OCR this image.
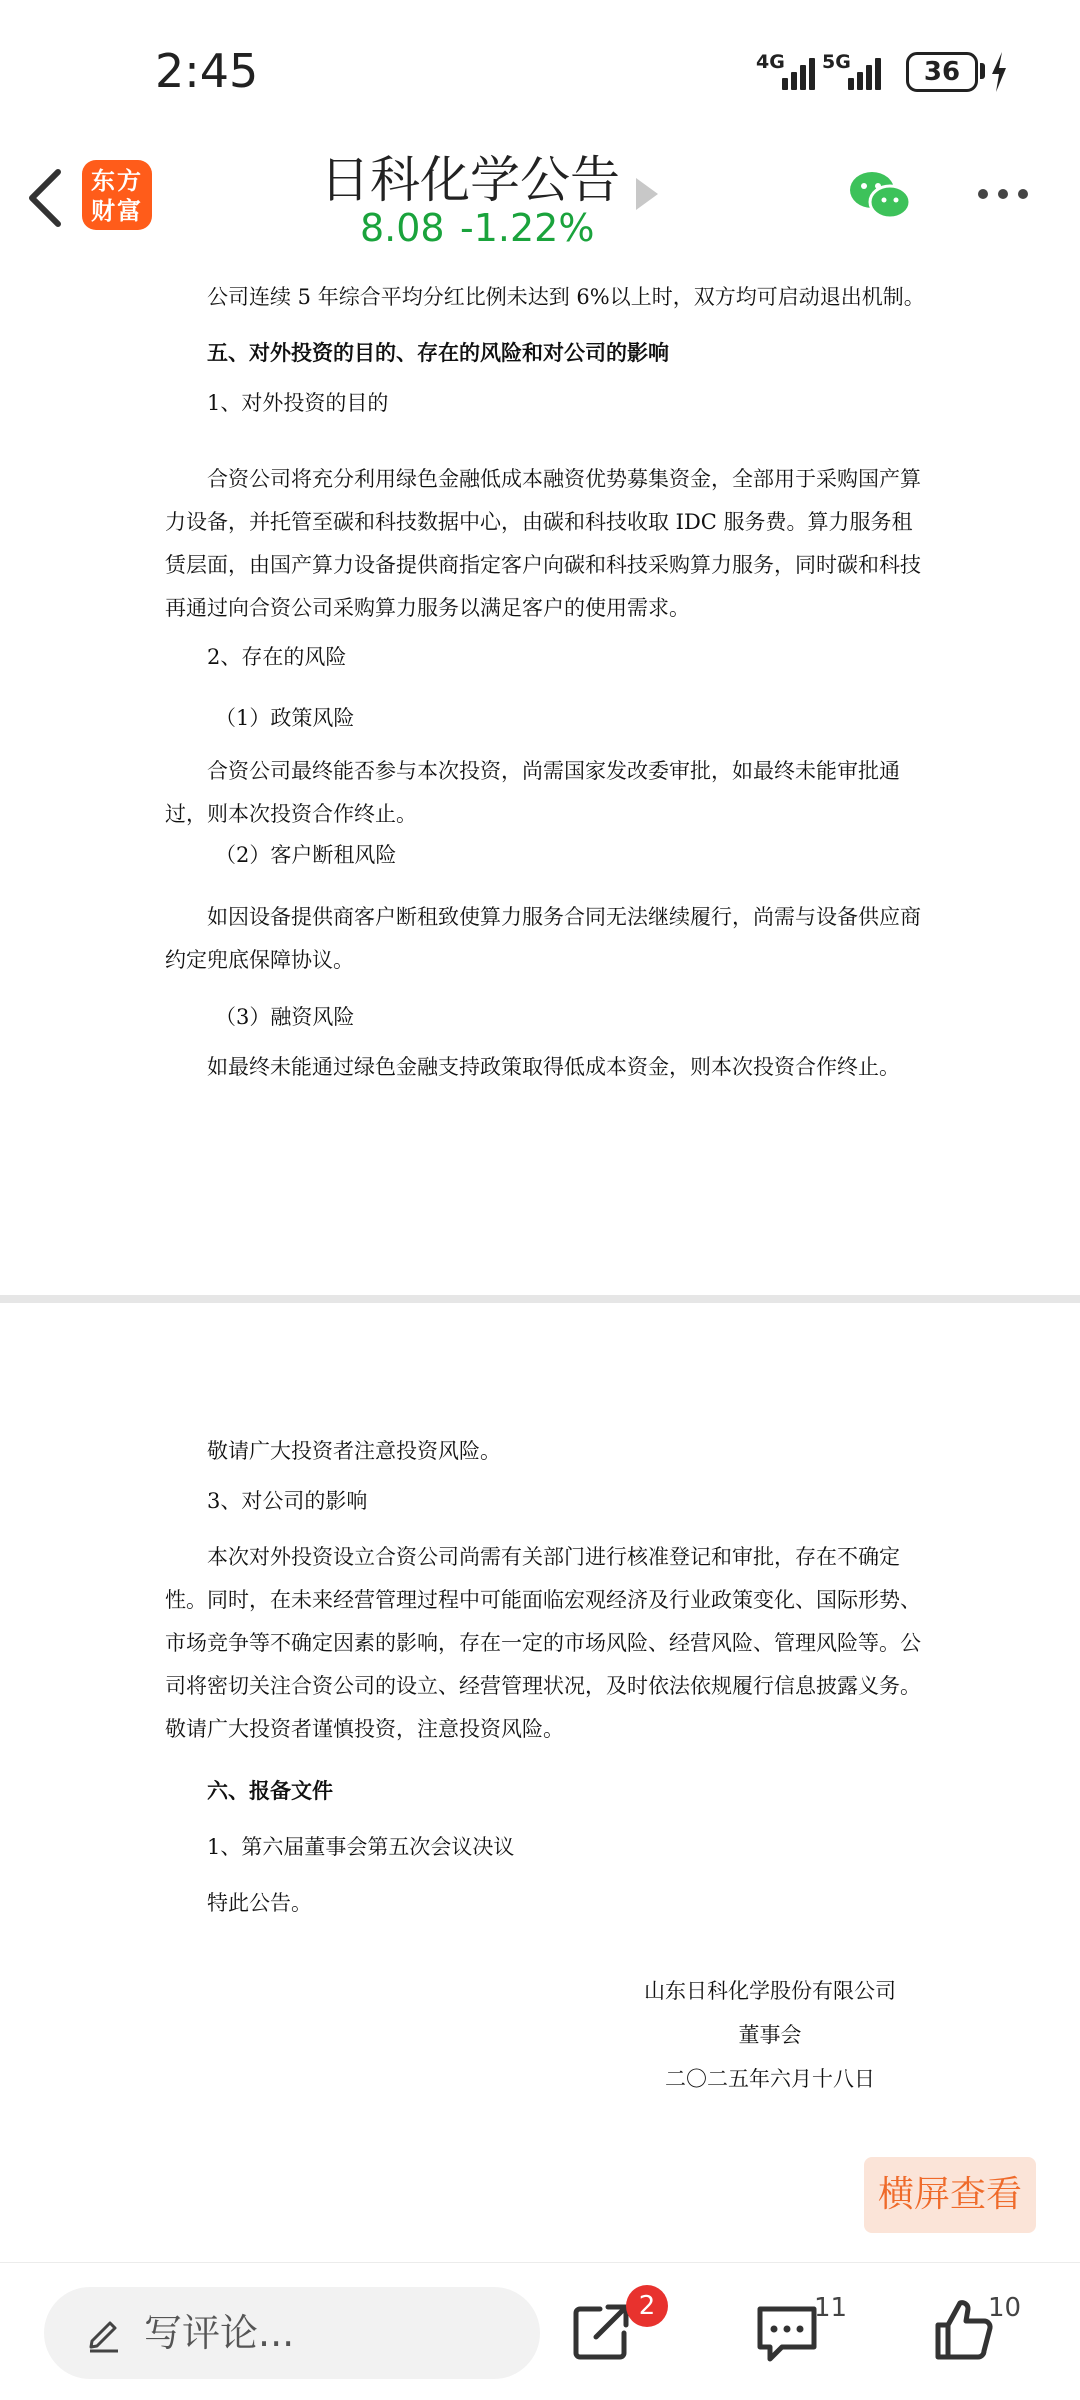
2:45	4G 5G	36
东方财富
日科化学公告
8.08 -1.22%
公司连续 5 年综合平均分红比例未达到 6%以上时，双方均可启动退出机制。
五、对外投资的目的、存在的风险和对公司的影响
1、对外投资的目的
合资公司将充分利用绿色金融低成本融资优势募集资金，全部用于采购国产算力设备，并托管至碳和科技数据中心，由碳和科技收取 IDC 服务费。算力服务租赁层面，由国产算力设备提供商指定客户向碳和科技采购算力服务，同时碳和科技再通过向合资公司采购算力服务以满足客户的使用需求。
2、存在的风险
（1）政策风险
合资公司最终能否参与本次投资，尚需国家发改委审批，如最终未能审批通过，则本次投资合作终止。
（2）客户断租风险
如因设备提供商客户断租致使算力服务合同无法继续履行，尚需与设备供应商约定兜底保障协议。
（3）融资风险
如最终未能通过绿色金融支持政策取得低成本资金，则本次投资合作终止。
敬请广大投资者注意投资风险。
3、对公司的影响
本次对外投资设立合资公司尚需有关部门进行核准登记和审批，存在不确定性。同时，在未来经营管理过程中可能面临宏观经济及行业政策变化、国际形势、市场竞争等不确定因素的影响，存在一定的市场风险、经营风险、管理风险等。公司将密切关注合资公司的设立、经营管理状况，及时依法依规履行信息披露义务。敬请广大投资者谨慎投资，注意投资风险。
六、报备文件
1、第六届董事会第五次会议决议
特此公告。
山东日科化学股份有限公司
董事会
二〇二五年六月十八日
横屏查看
写评论...
2	11	10
